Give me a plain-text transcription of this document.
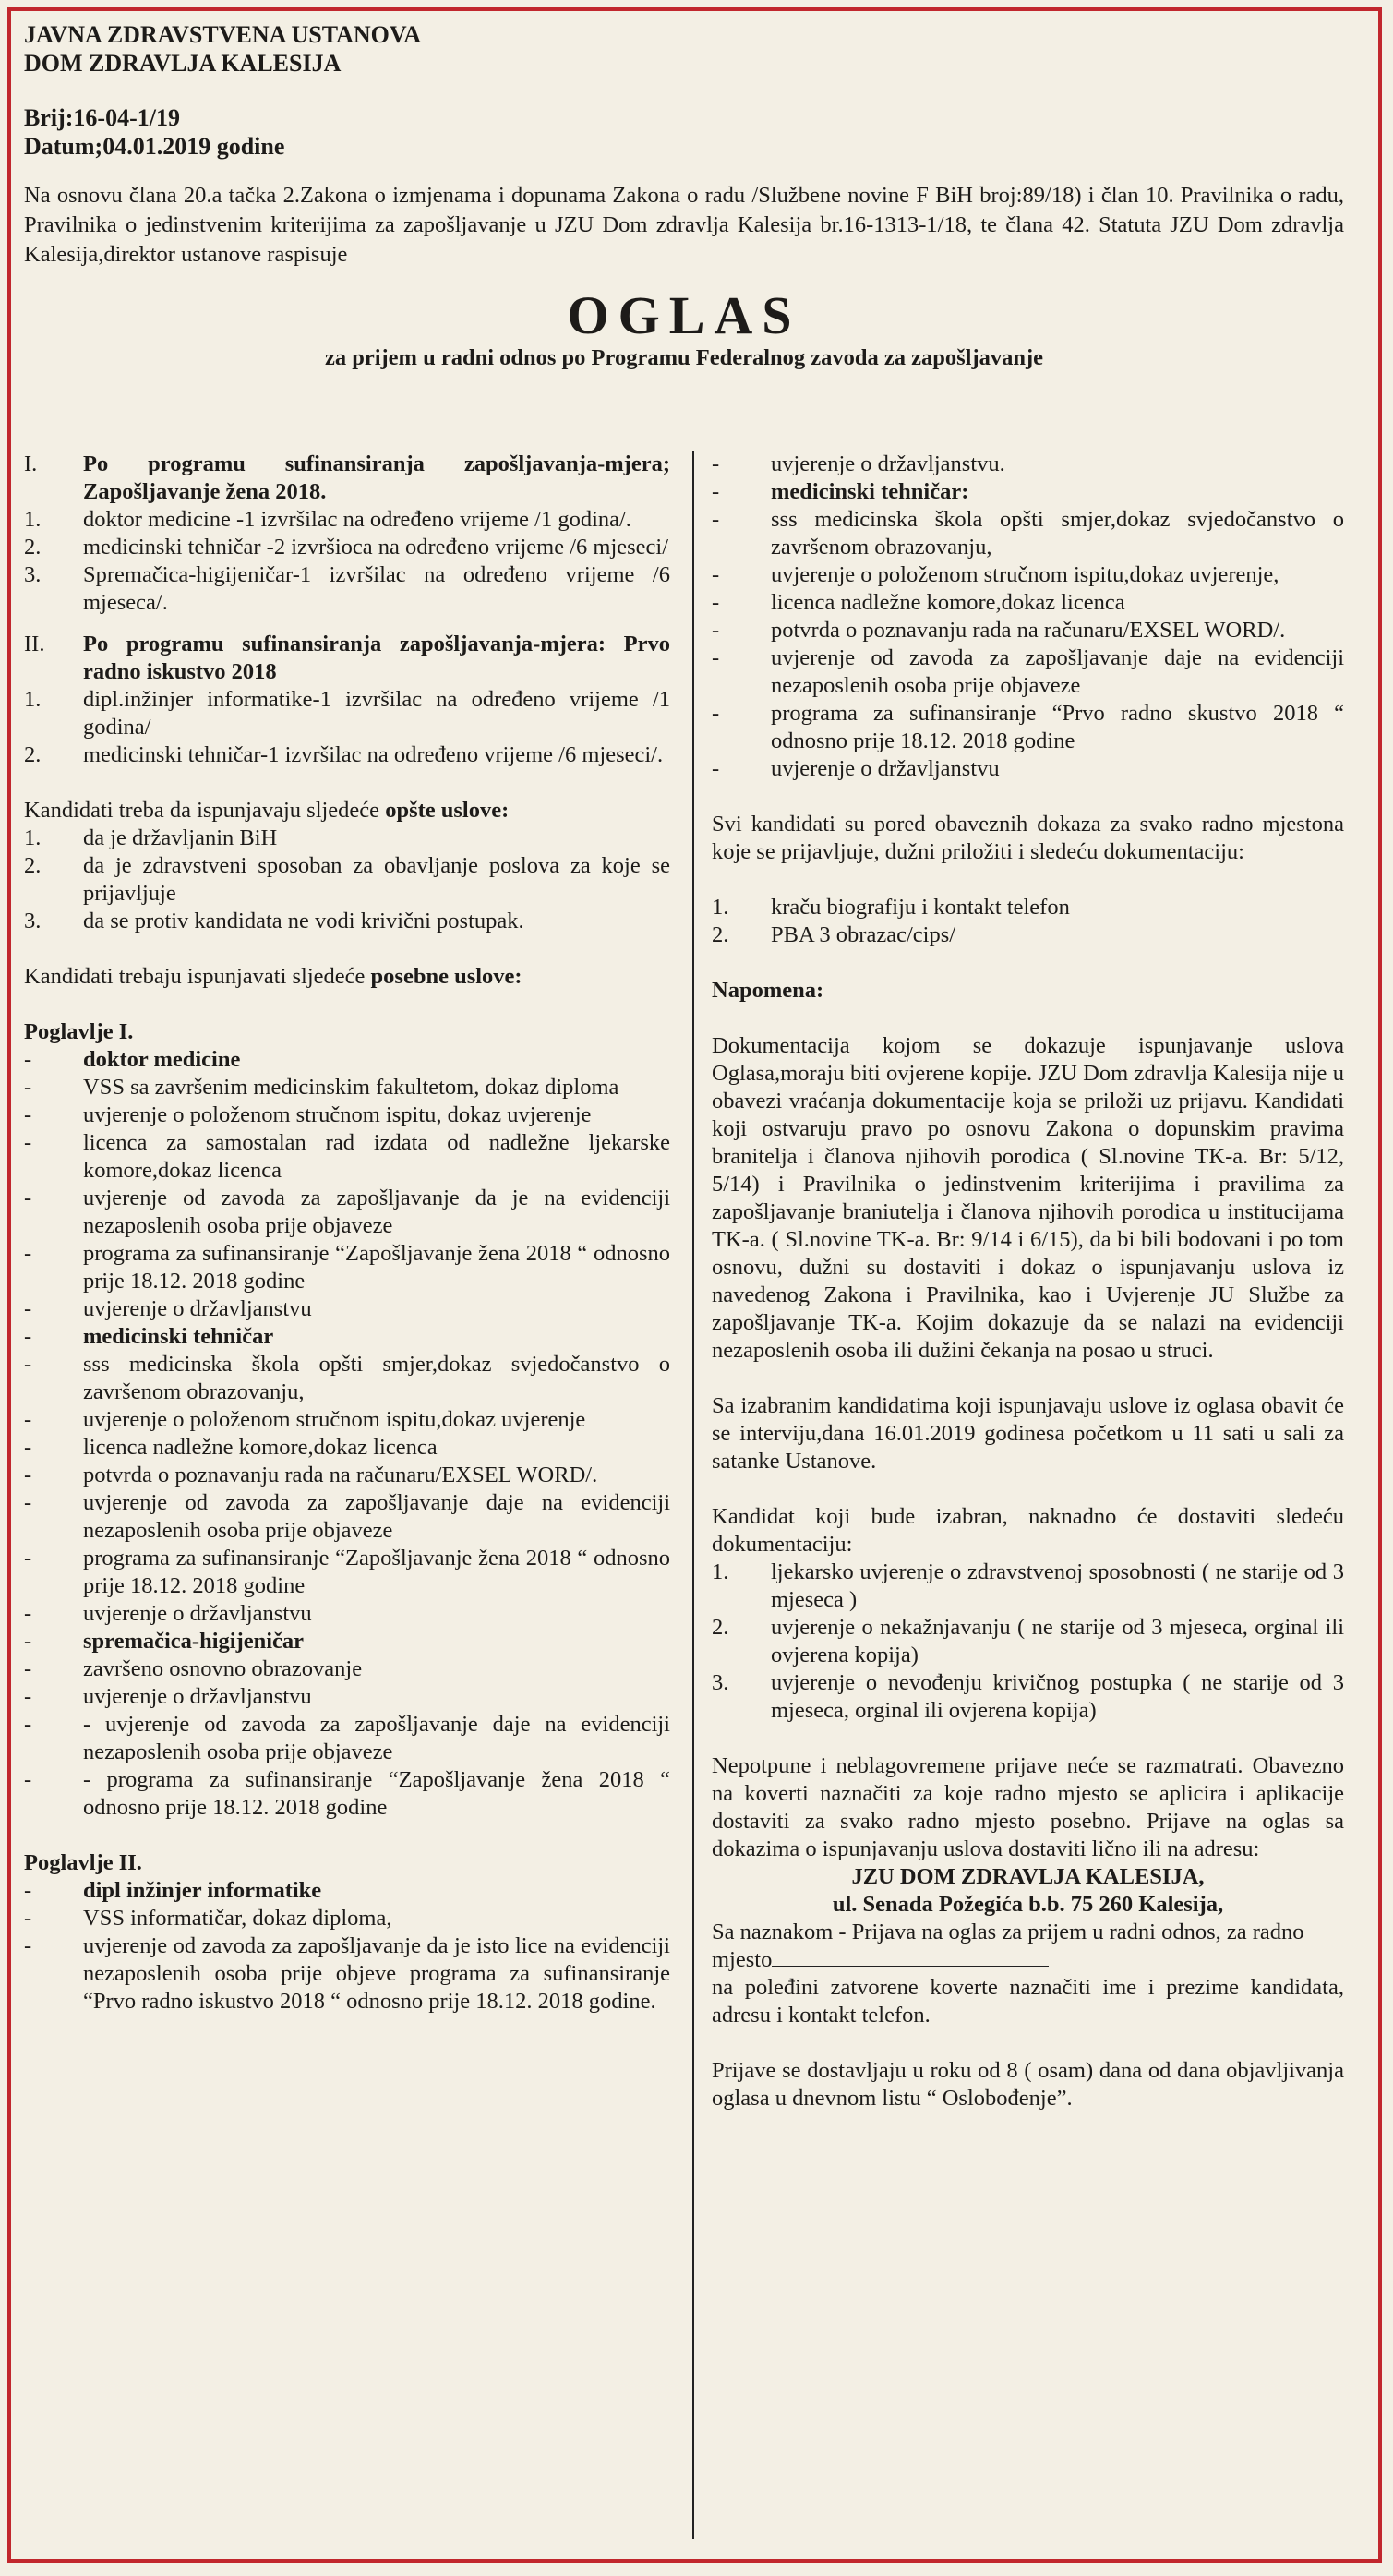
JAVNA ZDRAVSTVENA USTANOVA
DOM ZDRAVLJA KALESIJA
Brij:16-04-1/19
Datum;04.01.2019 godine
Na osnovu člana 20.a tačka 2.Zakona o izmjenama i dopunama Zakona o radu /Službene novine F BiH broj:89/18) i član 10. Pravilnika o radu, Pravilnika o jedinstvenim kriterijima za zapošljavanje u JZU Dom zdravlja Kalesija br.16-1313-1/18, te člana 42. Statuta JZU Dom zdravlja Kalesija,direktor ustanove raspisuje
OGLAS
za prijem u radni odnos po Programu Federalnog zavoda za zapošljavanje
I.	Po programu sufinansiranja zapošljavanja-mjera; Zapošljavanje žena 2018.
1.	doktor medicine -1 izvršilac na određeno vrijeme /1 godina/.
2.	medicinski tehničar -2 izvršioca na određeno vrijeme /6 mjeseci/
3.	Spremačica-higijeničar-1 izvršilac na određeno vrijeme /6 mjeseca/.
II.	Po programu sufinansiranja zapošljavanja-mjera: Prvo radno iskustvo 2018
1.	dipl.inžinjer informatike-1 izvršilac na određeno vrijeme /1 godina/
2.	medicinski tehničar-1 izvršilac na određeno vrijeme /6 mjeseci/.
Kandidati treba da ispunjavaju sljedeće opšte uslove:
1.	da je državljanin BiH
2.	da je zdravstveni sposoban za obavljanje poslova za koje se prijavljuje
3.	da se protiv kandidata ne vodi krivični postupak.
Kandidati trebaju ispunjavati sljedeće posebne uslove:
Poglavlje I.
-	doktor medicine
-	VSS sa završenim medicinskim fakultetom, dokaz diploma
-	uvjerenje o položenom stručnom ispitu, dokaz uvjerenje
-	licenca za samostalan rad izdata od nadležne ljekarske komore,dokaz licenca
-	uvjerenje od zavoda za zapošljavanje da je na evidenciji nezaposlenih osoba prije objaveze
-	programa za sufinansiranje “Zapošljavanje žena 2018 “ odnosno prije 18.12. 2018 godine
-	uvjerenje o državljanstvu
-	medicinski tehničar
-	sss medicinska škola opšti smjer,dokaz svjedočanstvo o završenom obrazovanju,
-	uvjerenje o položenom stručnom ispitu,dokaz uvjerenje
-	licenca nadležne komore,dokaz licenca
-	potvrda o poznavanju rada na računaru/EXSEL WORD/.
-	uvjerenje od zavoda za zapošljavanje daje na evidenciji nezaposlenih osoba prije objaveze
-	programa za sufinansiranje “Zapošljavanje žena 2018 “ odnosno prije 18.12. 2018 godine
-	uvjerenje o državljanstvu
-	spremačica-higijeničar
-	završeno osnovno obrazovanje
-	uvjerenje o državljanstvu
-	- uvjerenje od zavoda za zapošljavanje daje na evidenciji nezaposlenih osoba prije objaveze
-	- programa za sufinansiranje “Zapošljavanje žena 2018 “ odnosno prije 18.12. 2018 godine
Poglavlje II.
-	dipl inžinjer informatike
-	VSS informatičar, dokaz diploma,
-	uvjerenje od zavoda za zapošljavanje da je isto lice na evidenciji nezaposlenih osoba prije objeve programa za sufinansiranje “Prvo radno iskustvo 2018 “ odnosno prije 18.12. 2018 godine.
-	uvjerenje o državljanstvu.
-	medicinski tehničar:
-	sss medicinska škola opšti smjer,dokaz svjedočanstvo o završenom obrazovanju,
-	uvjerenje o položenom stručnom ispitu,dokaz uvjerenje,
-	licenca nadležne komore,dokaz licenca
-	potvrda o poznavanju rada na računaru/EXSEL WORD/.
-	uvjerenje od zavoda za zapošljavanje daje na evidenciji nezaposlenih osoba prije objaveze
-	programa za sufinansiranje “Prvo radno skustvo 2018 “ odnosno prije 18.12. 2018 godine
-	uvjerenje o državljanstvu
Svi kandidati su pored obaveznih dokaza za svako radno mjestona koje se prijavljuje, dužni priložiti i sledeću dokumentaciju:
1.	kraču biografiju i kontakt telefon
2.	PBA 3 obrazac/cips/
Napomena:
Dokumentacija kojom se dokazuje ispunjavanje uslova Oglasa,moraju biti ovjerene kopije. JZU Dom zdravlja Kalesija nije u obavezi vraćanja dokumentacije koja se priloži uz prijavu. Kandidati koji ostvaruju pravo po osnovu Zakona o dopunskim pravima branitelja i članova njihovih porodica ( Sl.novine TK-a. Br: 5/12, 5/14) i Pravilnika o jedinstvenim kriterijima i pravilima za zapošljavanje braniutelja i članova njihovih porodica u institucijama TK-a. ( Sl.novine TK-a. Br: 9/14 i 6/15), da bi bili bodovani i po tom osnovu, dužni su dostaviti i dokaz o ispunjavanju uslova iz navedenog Zakona i Pravilnika, kao i Uvjerenje JU Službe za zapošljavanje TK-a. Kojim dokazuje da se nalazi na evidenciji nezaposlenih osoba ili dužini čekanja na posao u struci.
Sa izabranim kandidatima koji ispunjavaju uslove iz oglasa obavit će se interviju,dana 16.01.2019 godinesa početkom u 11 sati u sali za satanke Ustanove.
Kandidat koji bude izabran, naknadno će dostaviti sledeću dokumentaciju:
1.	ljekarsko uvjerenje o zdravstvenoj sposobnosti ( ne starije od 3 mjeseca )
2.	uvjerenje o nekažnjavanju ( ne starije od 3 mjeseca, orginal ili ovjerena kopija)
3.	uvjerenje o nevođenju krivičnog postupka ( ne starije od 3 mjeseca, orginal ili ovjerena kopija)
Nepotpune i neblagovremene prijave neće se razmatrati. Obavezno na koverti naznačiti za koje radno mjesto se aplicira i aplikacije dostaviti za svako radno mjesto posebno. Prijave na oglas sa dokazima o ispunjavanju uslova dostaviti lično ili na adresu:
JZU DOM ZDRAVLJA KALESIJA,
ul. Senada Požegića b.b. 75 260 Kalesija,
Sa naznakom - Prijava na oglas za prijem u radni odnos, za radno mjesto
na poleđini zatvorene koverte naznačiti ime i prezime kandidata, adresu i kontakt telefon.
Prijave se dostavljaju u roku od 8 ( osam) dana od dana objavljivanja oglasa u dnevnom listu “ Oslobođenje”.
